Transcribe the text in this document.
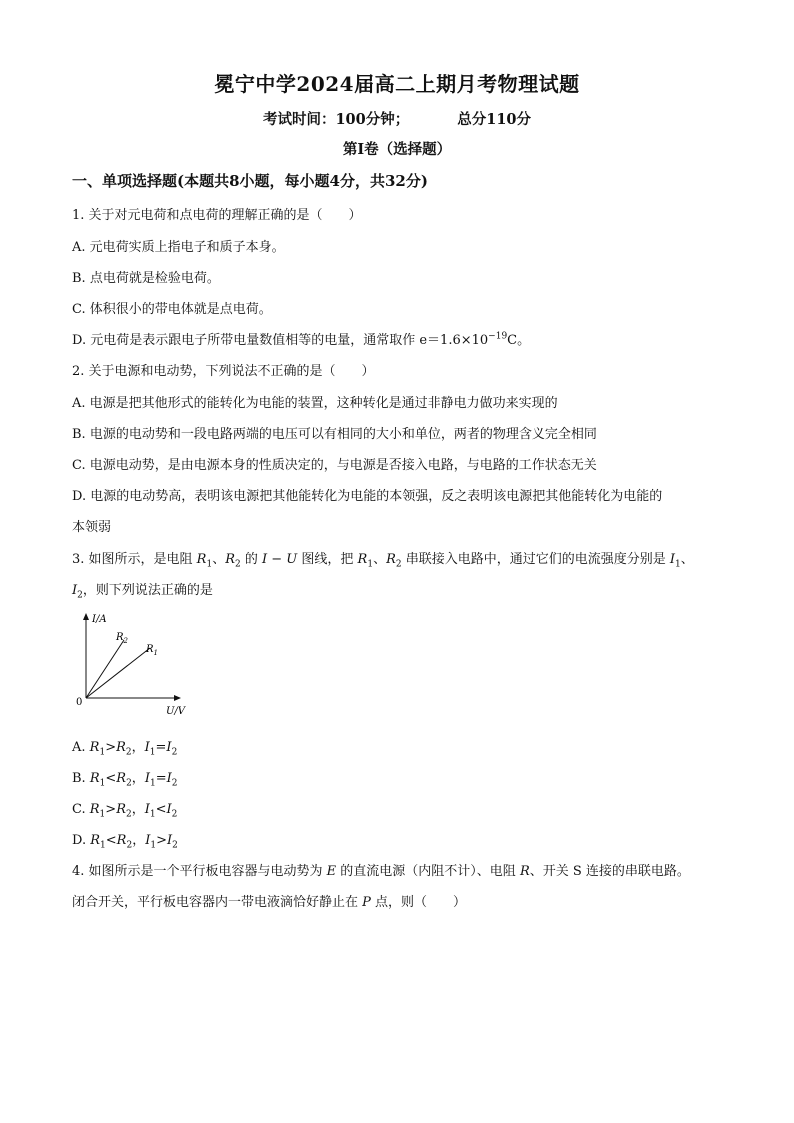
冕宁中学2024届高二上期月考物理试题
考试时间：100分钟；	总分110分
第I卷（选择题）
一、单项选择题(本题共8小题，每小题4分，共32分)
1. 关于对元电荷和点电荷的理解正确的是（　　）
A. 元电荷实质上指电子和质子本身。
B. 点电荷就是检验电荷。
C. 体积很小的带电体就是点电荷。
D. 元电荷是表示跟电子所带电量数值相等的电量，通常取作 $e=1.6\times 10^{-19}C$。
2. 关于电源和电动势，下列说法不正确的是（　　）
A. 电源是把其他形式的能转化为电能的装置，这种转化是通过非静电力做功来实现的
B. 电源的电动势和一段电路两端的电压可以有相同的大小和单位，两者的物理含义完全相同
C. 电源电动势，是由电源本身的性质决定的，与电源是否接入电路，与电路的工作状态无关
D. 电源的电动势高，表明该电源把其他能转化为电能的本领强，反之表明该电源把其他能转化为电能的
本领弱
3. 如图所示，是电阻 $R_1$、$R_2$ 的 I − U 图线，把 $R_1$、$R_2$ 串联接入电路中，通过它们的电流强度分别是 $I_1$、
$I_2$，则下列说法正确的是
I/A
U/V
0
$R_2$
$R_1$
A. $R_1>R_2$，$I_1=I_2$
B. $R_1<R_2$，$I_1=I_2$
C. $R_1>R_2$，$I_1<I_2$
D. $R_1<R_2$，$I_1>I_2$
4. 如图所示是一个平行板电容器与电动势为 E 的直流电源（内阻不计）、电阻 R、开关 S 连接的串联电路。
闭合开关，平行板电容器内一带电液滴恰好静止在 P 点，则（　　）
